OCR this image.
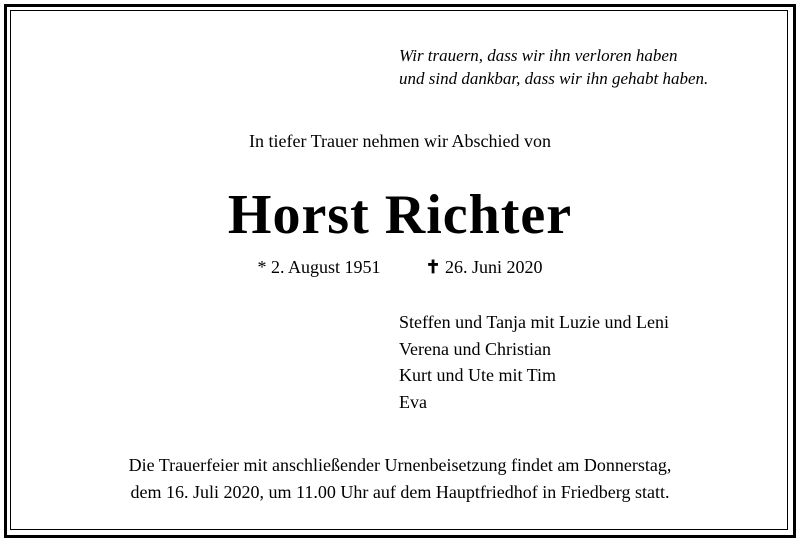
Wir trauern, dass wir ihn verloren haben
und sind dankbar, dass wir ihn gehabt haben.
In tiefer Trauer nehmen wir Abschied von
Horst Richter
* 2. August 1951	✝ 26. Juni 2020
Steffen und Tanja mit Luzie und Leni
Verena und Christian
Kurt und Ute mit Tim
Eva
Die Trauerfeier mit anschließender Urnenbeisetzung findet am Donnerstag,
dem 16. Juli 2020, um 11.00 Uhr auf dem Hauptfriedhof in Friedberg statt.
